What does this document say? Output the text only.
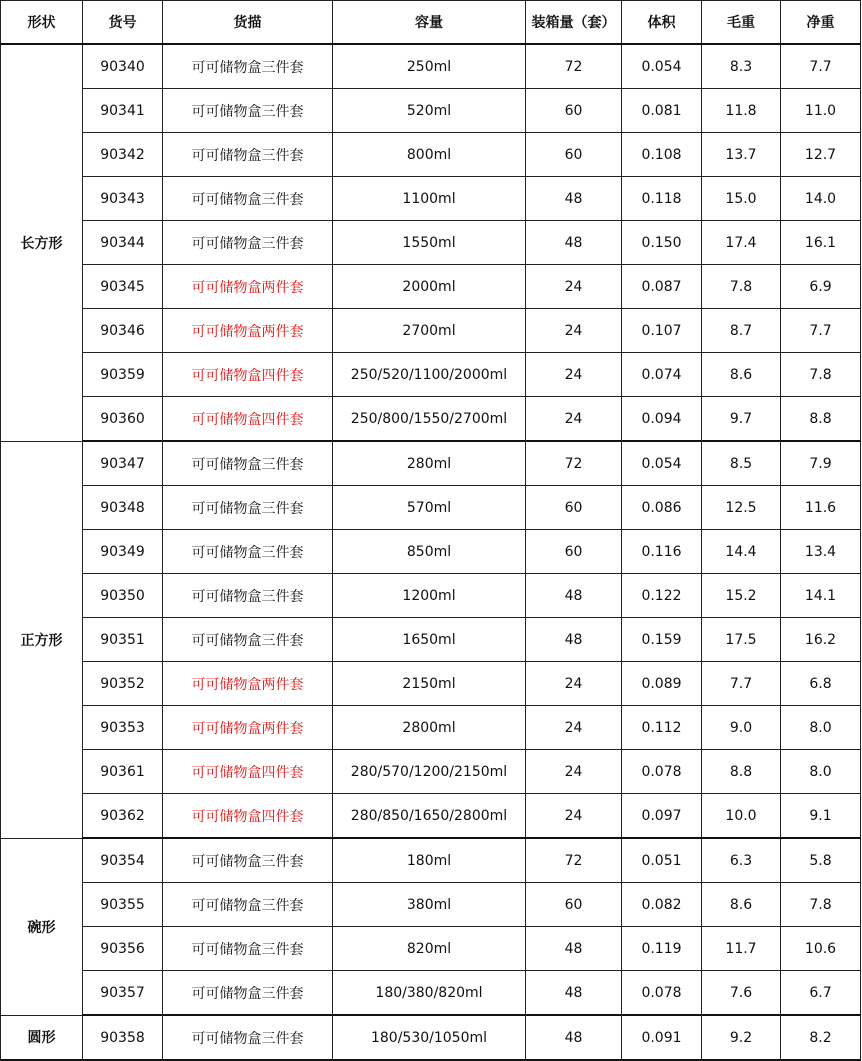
形状	货号	货描	容量	装箱量（套）	体积	毛重	净重
长方形	90340	可可储物盒三件套	250ml	72	0.054	8.3	7.7
	90341	可可储物盒三件套	520ml	60	0.081	11.8	11.0
	90342	可可储物盒三件套	800ml	60	0.108	13.7	12.7
	90343	可可储物盒三件套	1100ml	48	0.118	15.0	14.0
	90344	可可储物盒三件套	1550ml	48	0.150	17.4	16.1
	90345	可可储物盒两件套	2000ml	24	0.087	7.8	6.9
	90346	可可储物盒两件套	2700ml	24	0.107	8.7	7.7
	90359	可可储物盒四件套	250/520/1100/2000ml	24	0.074	8.6	7.8
	90360	可可储物盒四件套	250/800/1550/2700ml	24	0.094	9.7	8.8
正方形	90347	可可储物盒三件套	280ml	72	0.054	8.5	7.9
	90348	可可储物盒三件套	570ml	60	0.086	12.5	11.6
	90349	可可储物盒三件套	850ml	60	0.116	14.4	13.4
	90350	可可储物盒三件套	1200ml	48	0.122	15.2	14.1
	90351	可可储物盒三件套	1650ml	48	0.159	17.5	16.2
	90352	可可储物盒两件套	2150ml	24	0.089	7.7	6.8
	90353	可可储物盒两件套	2800ml	24	0.112	9.0	8.0
	90361	可可储物盒四件套	280/570/1200/2150ml	24	0.078	8.8	8.0
	90362	可可储物盒四件套	280/850/1650/2800ml	24	0.097	10.0	9.1
碗形	90354	可可储物盒三件套	180ml	72	0.051	6.3	5.8
	90355	可可储物盒三件套	380ml	60	0.082	8.6	7.8
	90356	可可储物盒三件套	820ml	48	0.119	11.7	10.6
	90357	可可储物盒三件套	180/380/820ml	48	0.078	7.6	6.7
圆形	90358	可可储物盒三件套	180/530/1050ml	48	0.091	9.2	8.2
